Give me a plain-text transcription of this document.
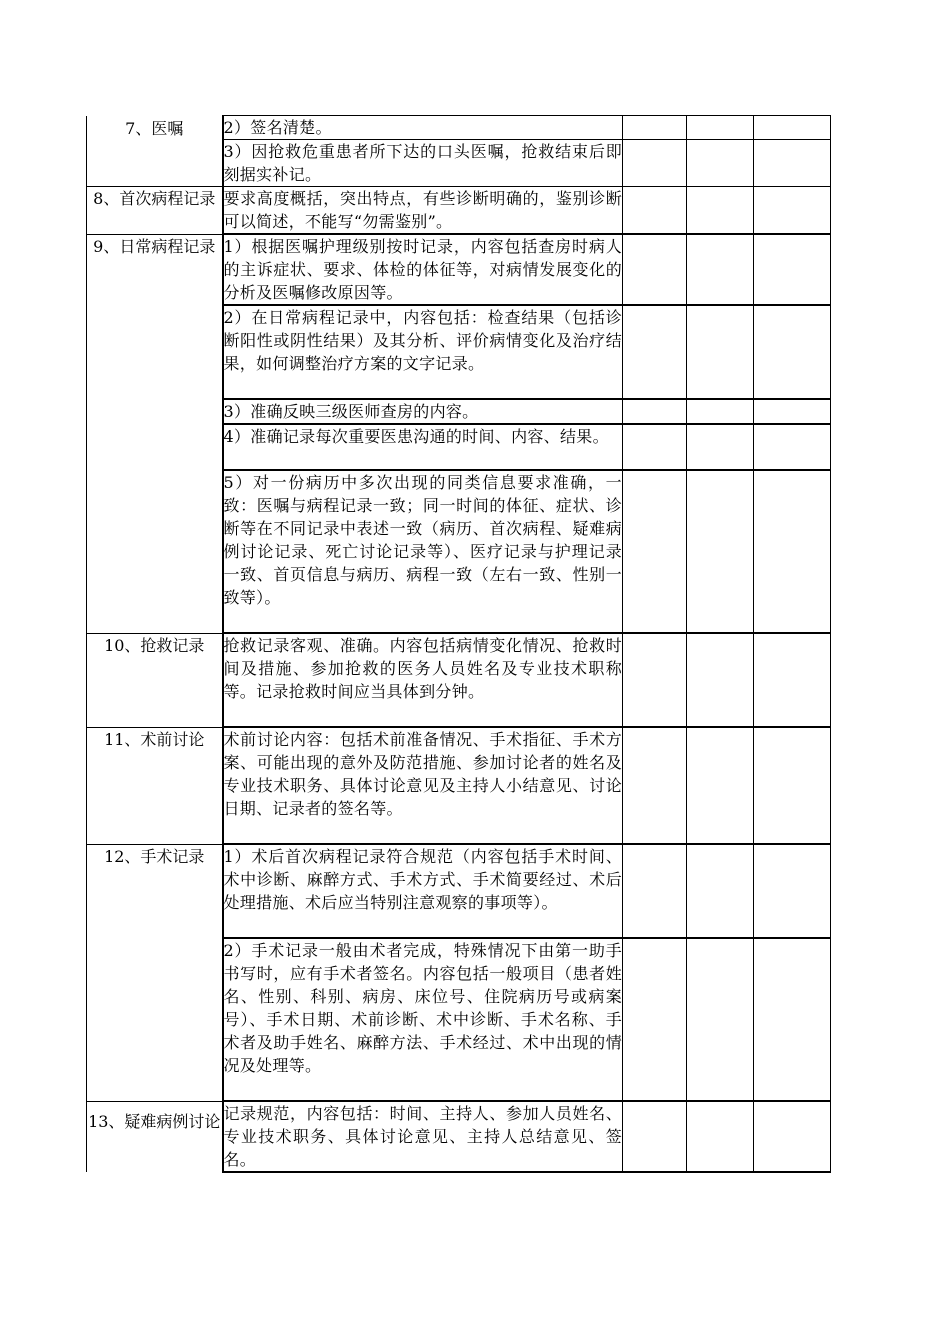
7、医嘱	2）签名清楚。			
	3）因抢救危重患者所下达的口头医嘱，抢救结束后即刻据实补记。			
8、首次病程记录	要求高度概括，突出特点，有些诊断明确的，鉴别诊断可以简述，不能写“勿需鉴别”。			
9、日常病程记录	1）根据医嘱护理级别按时记录，内容包括查房时病人的主诉症状、要求、体检的体征等，对病情发展变化的分析及医嘱修改原因等。			
	2）在日常病程记录中，内容包括：检查结果（包括诊断阳性或阴性结果）及其分析、评价病情变化及治疗结果，如何调整治疗方案的文字记录。			
	3）准确反映三级医师查房的内容。			
	4）准确记录每次重要医患沟通的时间、内容、结果。			
	5）对一份病历中多次出现的同类信息要求准确，一致：医嘱与病程记录一致；同一时间的体征、症状、诊断等在不同记录中表述一致（病历、首次病程、疑难病例讨论记录、死亡讨论记录等）、医疗记录与护理记录一致、首页信息与病历、病程一致（左右一致、性别一致等）。			
10、抢救记录	抢救记录客观、准确。内容包括病情变化情况、抢救时间及措施、参加抢救的医务人员姓名及专业技术职称等。记录抢救时间应当具体到分钟。			
11、术前讨论	术前讨论内容：包括术前准备情况、手术指征、手术方案、可能出现的意外及防范措施、参加讨论者的姓名及专业技术职务、具体讨论意见及主持人小结意见、讨论日期、记录者的签名等。			
12、手术记录	1）术后首次病程记录符合规范（内容包括手术时间、术中诊断、麻醉方式、手术方式、手术简要经过、术后处理措施、术后应当特别注意观察的事项等）。			
	2）手术记录一般由术者完成，特殊情况下由第一助手书写时，应有手术者签名。内容包括一般项目（患者姓名、性别、科别、病房、床位号、住院病历号或病案号）、手术日期、术前诊断、术中诊断、手术名称、手术者及助手姓名、麻醉方法、手术经过、术中出现的情况及处理等。			
13、疑难病例讨论	记录规范，内容包括：时间、主持人、参加人员姓名、专业技术职务、具体讨论意见、主持人总结意见、签名。			
